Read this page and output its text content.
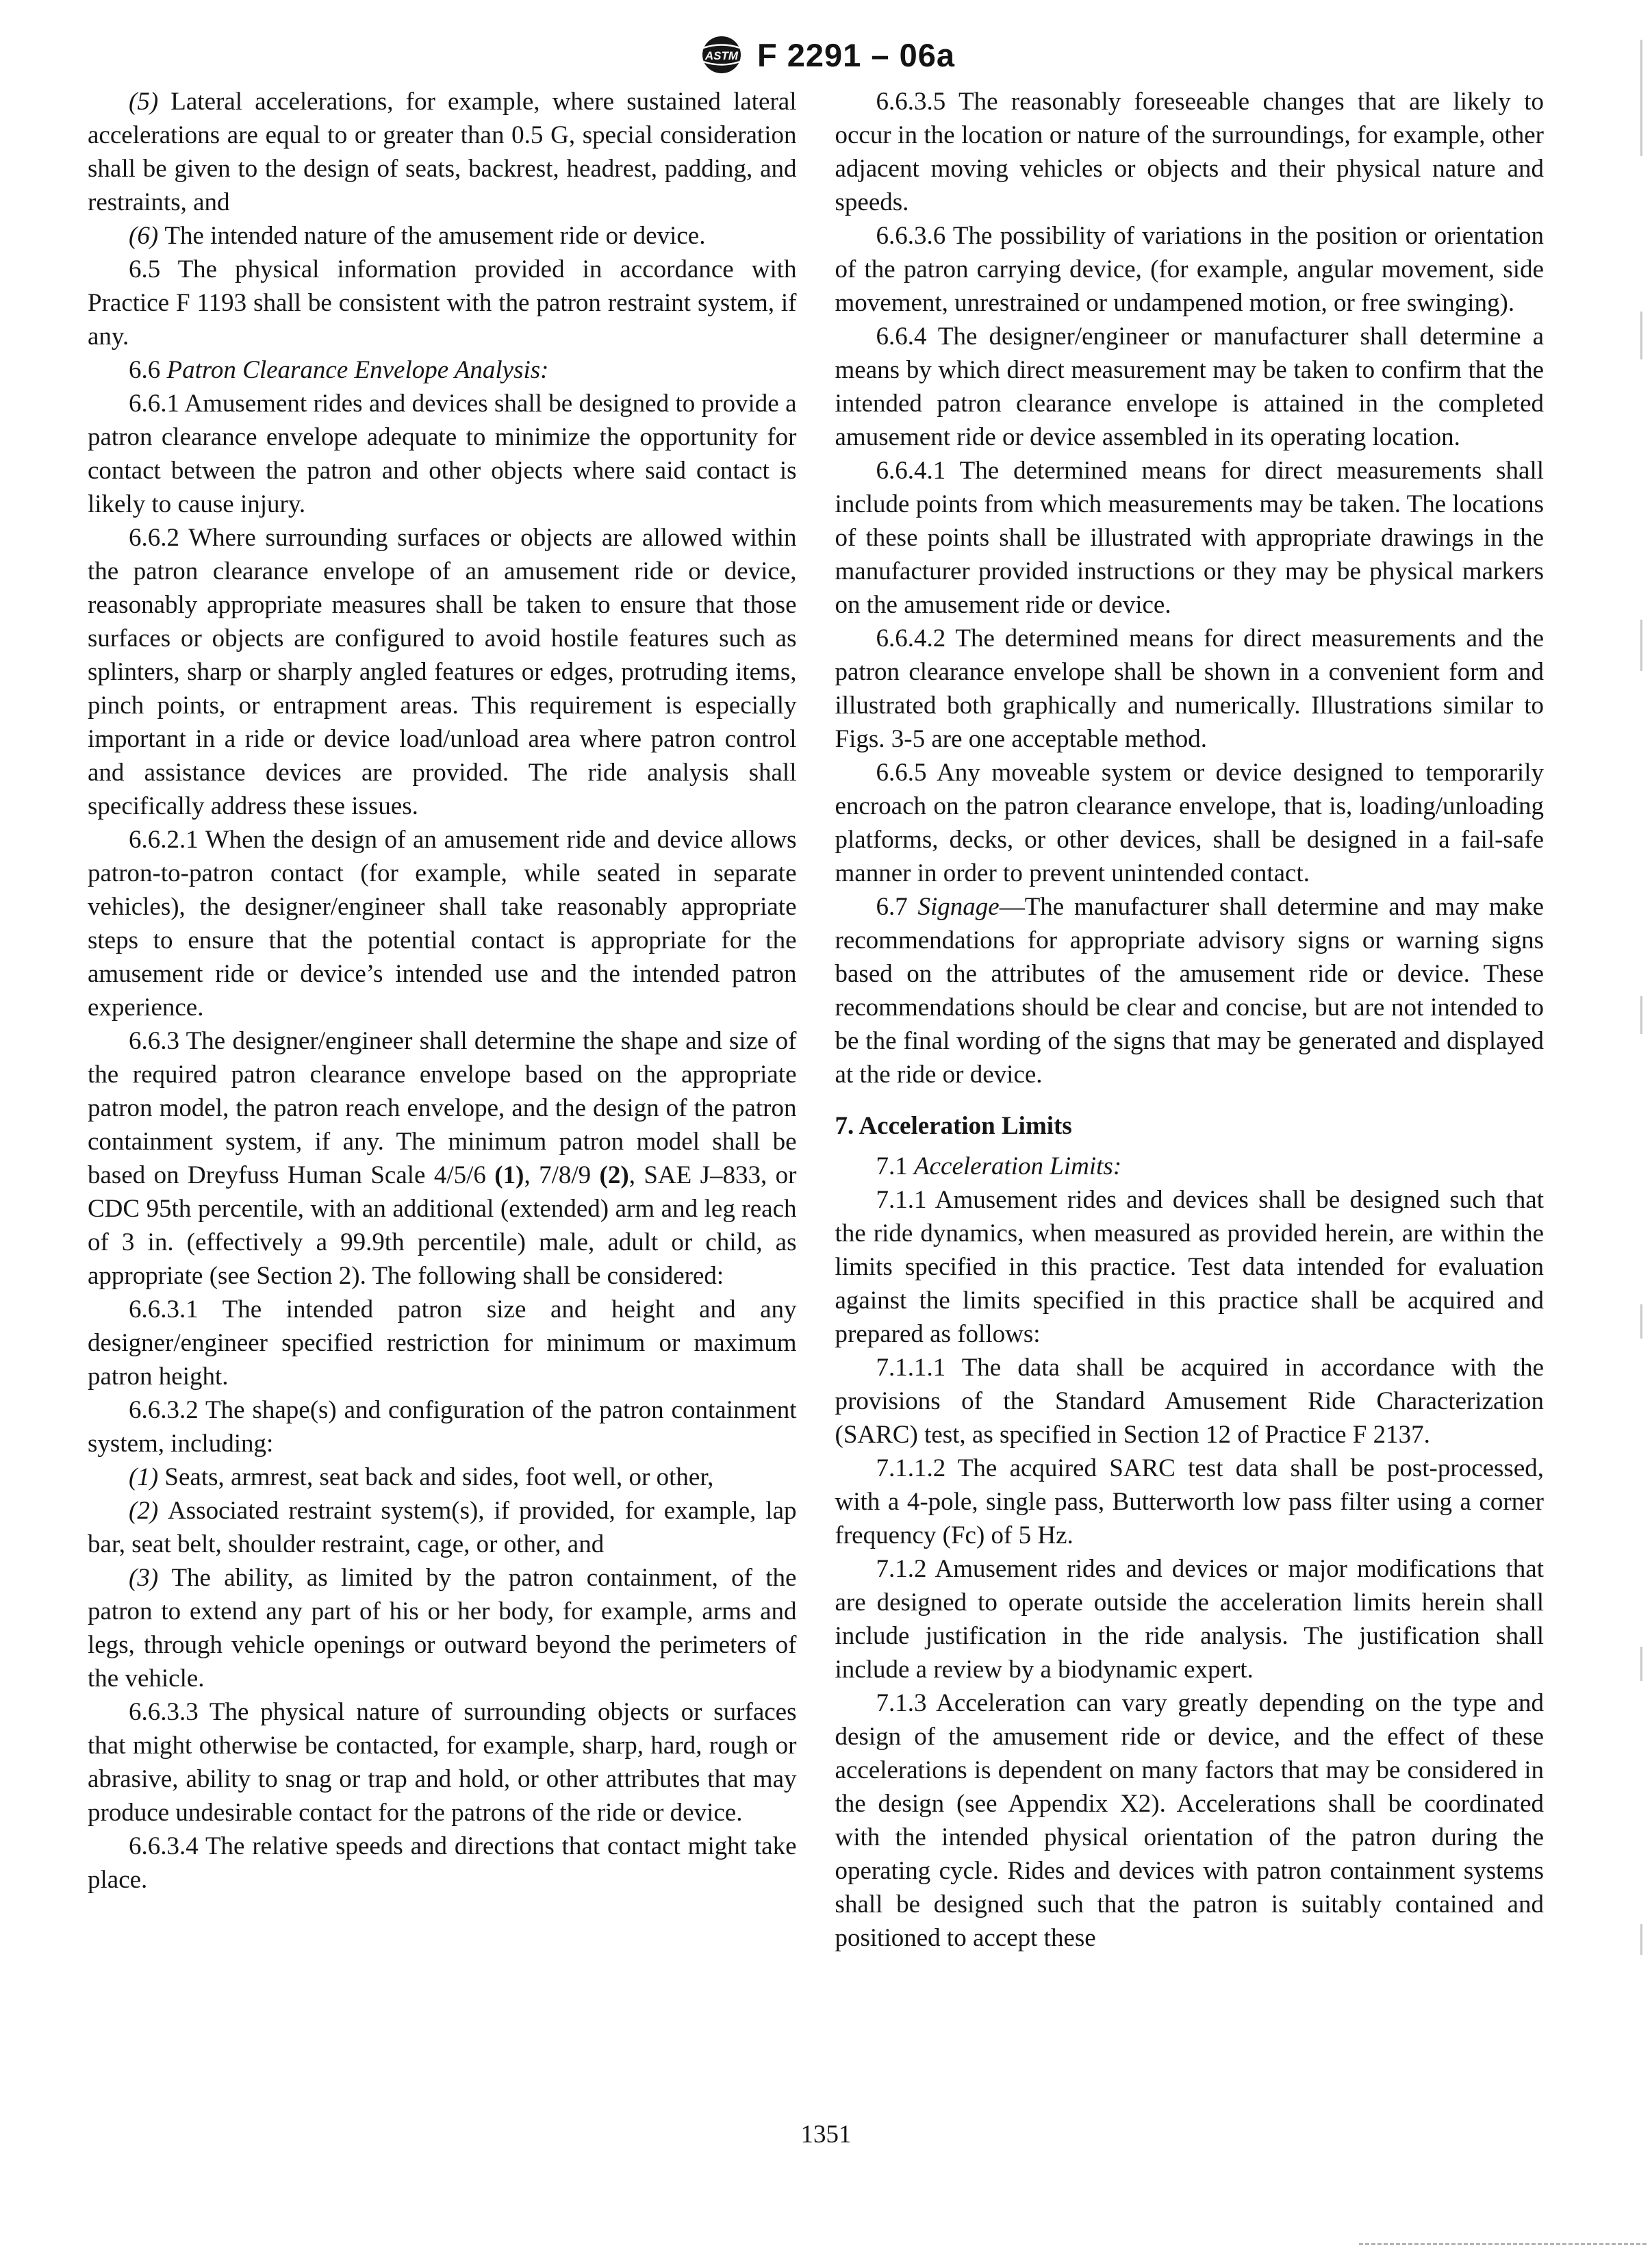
ASTM F 2291 – 06a

(5) Lateral accelerations, for example, where sustained lateral accelerations are equal to or greater than 0.5 G, special consideration shall be given to the design of seats, backrest, headrest, padding, and restraints, and

(6) The intended nature of the amusement ride or device.

6.5 The physical information provided in accordance with Practice F 1193 shall be consistent with the patron restraint system, if any.

6.6 Patron Clearance Envelope Analysis:

6.6.1 Amusement rides and devices shall be designed to provide a patron clearance envelope adequate to minimize the opportunity for contact between the patron and other objects where said contact is likely to cause injury.

6.6.2 Where surrounding surfaces or objects are allowed within the patron clearance envelope of an amusement ride or device, reasonably appropriate measures shall be taken to ensure that those surfaces or objects are configured to avoid hostile features such as splinters, sharp or sharply angled features or edges, protruding items, pinch points, or entrapment areas. This requirement is especially important in a ride or device load/unload area where patron control and assistance devices are provided. The ride analysis shall specifically address these issues.

6.6.2.1 When the design of an amusement ride and device allows patron-to-patron contact (for example, while seated in separate vehicles), the designer/engineer shall take reasonably appropriate steps to ensure that the potential contact is appropriate for the amusement ride or device’s intended use and the intended patron experience.

6.6.3 The designer/engineer shall determine the shape and size of the required patron clearance envelope based on the appropriate patron model, the patron reach envelope, and the design of the patron containment system, if any. The minimum patron model shall be based on Dreyfuss Human Scale 4/5/6 (1), 7/8/9 (2), SAE J–833, or CDC 95th percentile, with an additional (extended) arm and leg reach of 3 in. (effectively a 99.9th percentile) male, adult or child, as appropriate (see Section 2). The following shall be considered:

6.6.3.1 The intended patron size and height and any designer/engineer specified restriction for minimum or maximum patron height.

6.6.3.2 The shape(s) and configuration of the patron containment system, including:

(1) Seats, armrest, seat back and sides, foot well, or other,

(2) Associated restraint system(s), if provided, for example, lap bar, seat belt, shoulder restraint, cage, or other, and

(3) The ability, as limited by the patron containment, of the patron to extend any part of his or her body, for example, arms and legs, through vehicle openings or outward beyond the perimeters of the vehicle.

6.6.3.3 The physical nature of surrounding objects or surfaces that might otherwise be contacted, for example, sharp, hard, rough or abrasive, ability to snag or trap and hold, or other attributes that may produce undesirable contact for the patrons of the ride or device.

6.6.3.4 The relative speeds and directions that contact might take place.

6.6.3.5 The reasonably foreseeable changes that are likely to occur in the location or nature of the surroundings, for example, other adjacent moving vehicles or objects and their physical nature and speeds.

6.6.3.6 The possibility of variations in the position or orientation of the patron carrying device, (for example, angular movement, side movement, unrestrained or undampened motion, or free swinging).

6.6.4 The designer/engineer or manufacturer shall determine a means by which direct measurement may be taken to confirm that the intended patron clearance envelope is attained in the completed amusement ride or device assembled in its operating location.

6.6.4.1 The determined means for direct measurements shall include points from which measurements may be taken. The locations of these points shall be illustrated with appropriate drawings in the manufacturer provided instructions or they may be physical markers on the amusement ride or device.

6.6.4.2 The determined means for direct measurements and the patron clearance envelope shall be shown in a convenient form and illustrated both graphically and numerically. Illustrations similar to Figs. 3-5 are one acceptable method.

6.6.5 Any moveable system or device designed to temporarily encroach on the patron clearance envelope, that is, loading/unloading platforms, decks, or other devices, shall be designed in a fail-safe manner in order to prevent unintended contact.

6.7 Signage—The manufacturer shall determine and may make recommendations for appropriate advisory signs or warning signs based on the attributes of the amusement ride or device. These recommendations should be clear and concise, but are not intended to be the final wording of the signs that may be generated and displayed at the ride or device.

7. Acceleration Limits

7.1 Acceleration Limits:

7.1.1 Amusement rides and devices shall be designed such that the ride dynamics, when measured as provided herein, are within the limits specified in this practice. Test data intended for evaluation against the limits specified in this practice shall be acquired and prepared as follows:

7.1.1.1 The data shall be acquired in accordance with the provisions of the Standard Amusement Ride Characterization (SARC) test, as specified in Section 12 of Practice F 2137.

7.1.1.2 The acquired SARC test data shall be post-processed, with a 4-pole, single pass, Butterworth low pass filter using a corner frequency (Fc) of 5 Hz.

7.1.2 Amusement rides and devices or major modifications that are designed to operate outside the acceleration limits herein shall include justification in the ride analysis. The justification shall include a review by a biodynamic expert.

7.1.3 Acceleration can vary greatly depending on the type and design of the amusement ride or device, and the effect of these accelerations is dependent on many factors that may be considered in the design (see Appendix X2). Accelerations shall be coordinated with the intended physical orientation of the patron during the operating cycle. Rides and devices with patron containment systems shall be designed such that the patron is suitably contained and positioned to accept these

1351
